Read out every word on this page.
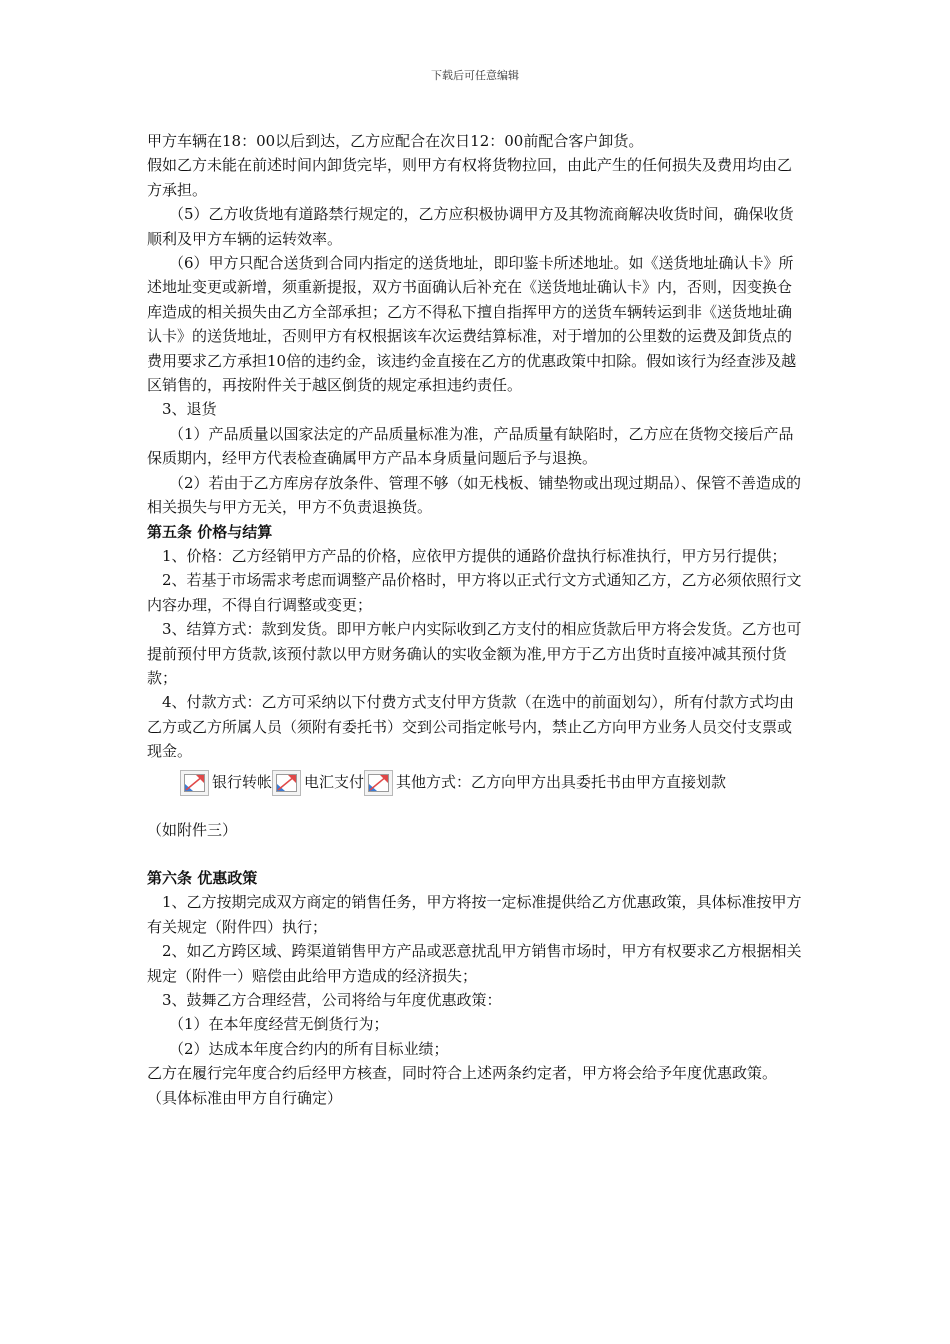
下载后可任意编辑

甲方车辆在18：00以后到达，乙方应配合在次日12：00前配合客户卸货。

假如乙方未能在前述时间内卸货完毕，则甲方有权将货物拉回，由此产生的任何损失及费用均由乙方承担。

（5）乙方收货地有道路禁行规定的，乙方应积极协调甲方及其物流商解决收货时间，确保收货顺利及甲方车辆的运转效率。

（6）甲方只配合送货到合同内指定的送货地址，即印鉴卡所述地址。如《送货地址确认卡》所述地址变更或新增，须重新提报，双方书面确认后补充在《送货地址确认卡》内，否则，因变换仓库造成的相关损失由乙方全部承担；乙方不得私下擅自指挥甲方的送货车辆转运到非《送货地址确认卡》的送货地址，否则甲方有权根据该车次运费结算标准，对于增加的公里数的运费及卸货点的费用要求乙方承担10倍的违约金，该违约金直接在乙方的优惠政策中扣除。假如该行为经查涉及越区销售的，再按附件关于越区倒货的规定承担违约责任。

3、退货

（1）产品质量以国家法定的产品质量标准为准，产品质量有缺陷时，乙方应在货物交接后产品保质期内，经甲方代表检查确属甲方产品本身质量问题后予与退换。

（2）若由于乙方库房存放条件、管理不够（如无栈板、铺垫物或出现过期品）、保管不善造成的相关损失与甲方无关，甲方不负责退换货。

第五条 价格与结算

1、价格：乙方经销甲方产品的价格，应依甲方提供的通路价盘执行标准执行，甲方另行提供；

2、若基于市场需求考虑而调整产品价格时，甲方将以正式行文方式通知乙方，乙方必须依照行文内容办理，不得自行调整或变更；

3、结算方式：款到发货。即甲方帐户内实际收到乙方支付的相应货款后甲方将会发货。乙方也可提前预付甲方货款,该预付款以甲方财务确认的实收金额为准,甲方于乙方出货时直接冲减其预付货款；

4、付款方式：乙方可采纳以下付费方式支付甲方货款（在选中的前面划勾），所有付款方式均由乙方或乙方所属人员（须附有委托书）交到公司指定帐号内，禁止乙方向甲方业务人员交付支票或现金。

银行转帐 电汇支付 其他方式：乙方向甲方出具委托书由甲方直接划款

（如附件三）

第六条 优惠政策

1、乙方按期完成双方商定的销售任务，甲方将按一定标准提供给乙方优惠政策，具体标准按甲方有关规定（附件四）执行；

2、如乙方跨区域、跨渠道销售甲方产品或恶意扰乱甲方销售市场时，甲方有权要求乙方根据相关规定（附件一）赔偿由此给甲方造成的经济损失；

3、鼓舞乙方合理经营，公司将给与年度优惠政策：

（1）在本年度经营无倒货行为；

（2）达成本年度合约内的所有目标业绩；

乙方在履行完年度合约后经甲方核查，同时符合上述两条约定者，甲方将会给予年度优惠政策。

（具体标准由甲方自行确定）
